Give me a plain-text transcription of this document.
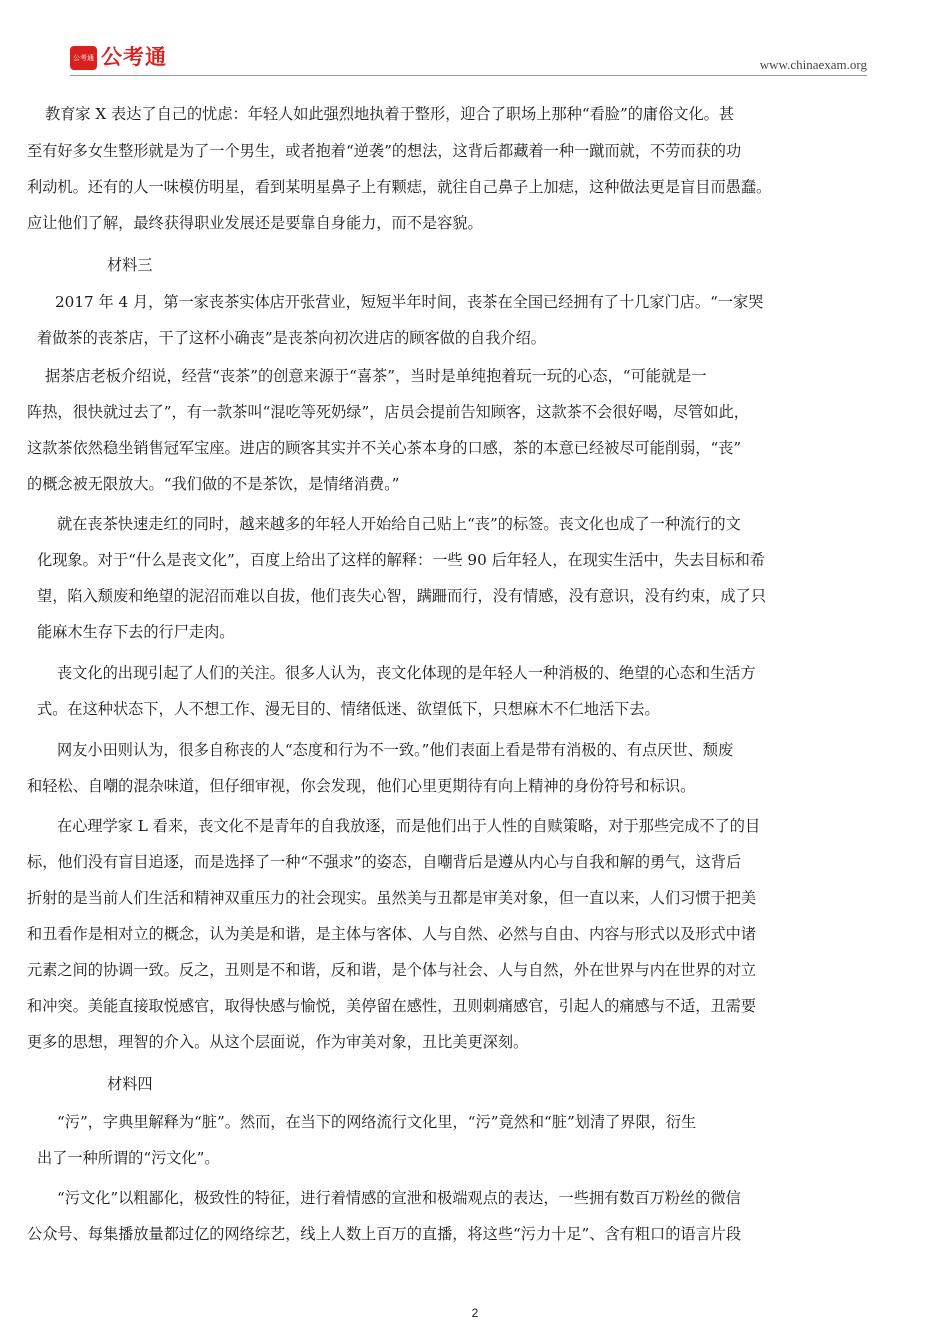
公考通 公考通	www.chinaexam.org
教育家 X 表达了自己的忧虑：年轻人如此强烈地执着于整形，迎合了职场上那种“看脸”的庸俗文化。甚
至有好多女生整形就是为了一个男生，或者抱着“逆袭”的想法，这背后都藏着一种一蹴而就，不劳而获的功
利动机。还有的人一味模仿明星，看到某明星鼻子上有颗痣，就往自己鼻子上加痣，这种做法更是盲目而愚蠢。
应让他们了解，最终获得职业发展还是要靠自身能力，而不是容貌。
材料三
2017 年 4 月，第一家丧茶实体店开张营业，短短半年时间，丧茶在全国已经拥有了十几家门店。“一家哭
着做茶的丧茶店，干了这杯小确丧”是丧茶向初次进店的顾客做的自我介绍。
据茶店老板介绍说，经营“丧茶”的创意来源于“喜茶”，当时是单纯抱着玩一玩的心态，“可能就是一
阵热，很快就过去了”，有一款茶叫“混吃等死奶绿”，店员会提前告知顾客，这款茶不会很好喝，尽管如此，
这款茶依然稳坐销售冠军宝座。进店的顾客其实并不关心茶本身的口感，茶的本意已经被尽可能削弱，“丧”
的概念被无限放大。“我们做的不是茶饮，是情绪消费。”
就在丧茶快速走红的同时，越来越多的年轻人开始给自己贴上“丧”的标签。丧文化也成了一种流行的文
化现象。对于“什么是丧文化”，百度上给出了这样的解释：一些 90 后年轻人，在现实生活中，失去目标和希
望，陷入颓废和绝望的泥沼而难以自拔，他们丧失心智，蹒跚而行，没有情感，没有意识，没有约束，成了只
能麻木生存下去的行尸走肉。
丧文化的出现引起了人们的关注。很多人认为，丧文化体现的是年轻人一种消极的、绝望的心态和生活方
式。在这种状态下，人不想工作、漫无目的、情绪低迷、欲望低下，只想麻木不仁地活下去。
网友小田则认为，很多自称丧的人“态度和行为不一致。”他们表面上看是带有消极的、有点厌世、颓废
和轻松、自嘲的混杂味道，但仔细审视，你会发现，他们心里更期待有向上精神的身份符号和标识。
在心理学家 L 看来，丧文化不是青年的自我放逐，而是他们出于人性的自赎策略，对于那些完成不了的目
标，他们没有盲目追逐，而是选择了一种“不强求”的姿态，自嘲背后是遵从内心与自我和解的勇气，这背后
折射的是当前人们生活和精神双重压力的社会现实。虽然美与丑都是审美对象，但一直以来，人们习惯于把美
和丑看作是相对立的概念，认为美是和谐，是主体与客体、人与自然、必然与自由、内容与形式以及形式中诸
元素之间的协调一致。反之，丑则是不和谐，反和谐，是个体与社会、人与自然，外在世界与内在世界的对立
和冲突。美能直接取悦感官，取得快感与愉悦，美停留在感性，丑则刺痛感官，引起人的痛感与不适，丑需要
更多的思想，理智的介入。从这个层面说，作为审美对象，丑比美更深刻。
材料四
“污”，字典里解释为“脏”。然而，在当下的网络流行文化里，“污”竟然和“脏”划清了界限，衍生
出了一种所谓的“污文化”。
“污文化”以粗鄙化，极致性的特征，进行着情感的宣泄和极端观点的表达，一些拥有数百万粉丝的微信
公众号、每集播放量都过亿的网络综艺，线上人数上百万的直播，将这些“污力十足”、含有粗口的语言片段
2
